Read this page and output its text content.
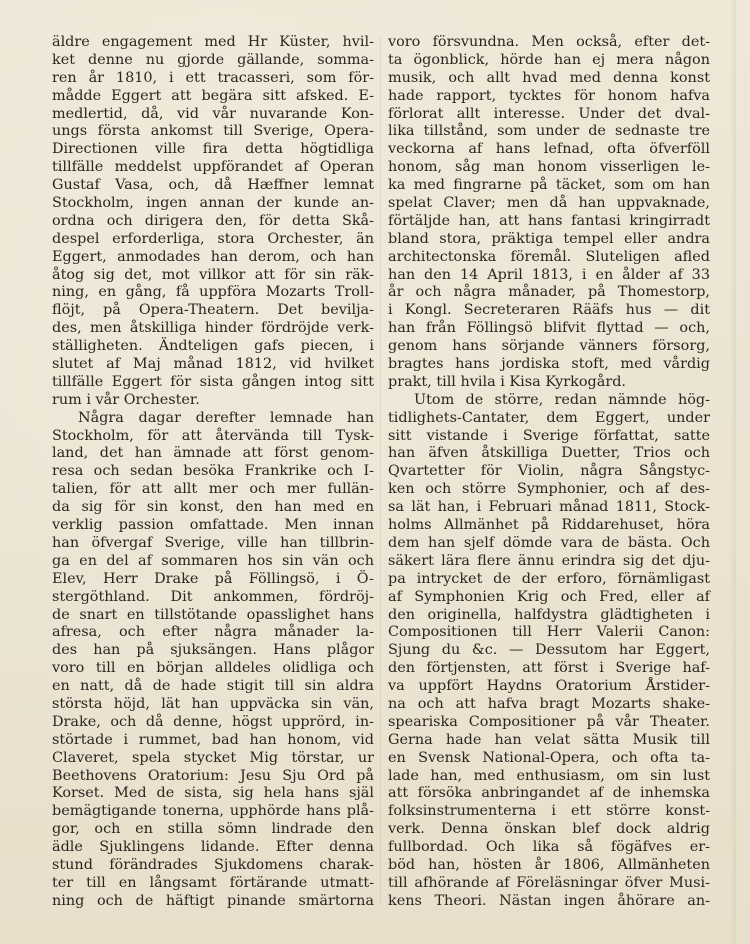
äldre engagement med Hr Küster, hvil-
ket denne nu gjorde gällande, somma-
ren år 1810, i ett tracasseri, som för-
mådde Eggert att begära sitt afsked. E-
medlertid, då, vid vår nuvarande Kon-
ungs första ankomst till Sverige, Opera-
Directionen ville fira detta högtidliga
tillfälle meddelst uppförandet af Operan
Gustaf Vasa, och, då Hæffner lemnat
Stockholm, ingen annan der kunde an-
ordna och dirigera den, för detta Skå-
despel erforderliga, stora Orchester, än
Eggert, anmodades han derom, och han
åtog sig det, mot villkor att för sin räk-
ning, en gång, få uppföra Mozarts Troll-
flöjt, på Opera-Theatern. Det bevilja-
des, men åtskilliga hinder fördröjde verk-
ställigheten. Ändteligen gafs piecen, i
slutet af Maj månad 1812, vid hvilket
tillfälle Eggert för sista gången intog sitt
rum i vår Orchester.
Några dagar derefter lemnade han
Stockholm, för att återvända till Tysk-
land, det han ämnade att först genom-
resa och sedan besöka Frankrike och I-
talien, för att allt mer och mer fullän-
da sig för sin konst, den han med en
verklig passion omfattade. Men innan
han öfvergaf Sverige, ville han tillbrin-
ga en del af sommaren hos sin vän och
Elev, Herr Drake på Föllingsö, i Ö-
stergöthland. Dit ankommen, fördröj-
de snart en tillstötande opasslighet hans
afresa, och efter några månader la-
des han på sjuksängen. Hans plågor
voro till en början alldeles olidliga och
en natt, då de hade stigit till sin aldra
största höjd, lät han uppväcka sin vän,
Drake, och då denne, högst upprörd, in-
störtade i rummet, bad han honom, vid
Claveret, spela stycket Mig törstar, ur
Beethovens Oratorium: Jesu Sju Ord på
Korset. Med de sista, sig hela hans själ
bemägtigande tonerna, upphörde hans plå-
gor, och en stilla sömn lindrade den
ädle Sjuklingens lidande. Efter denna
stund förändrades Sjukdomens charak-
ter till en långsamt förtärande utmatt-
ning och de häftigt pinande smärtorna
voro försvundna. Men också, efter det-
ta ögonblick, hörde han ej mera någon
musik, och allt hvad med denna konst
hade rapport, tycktes för honom hafva
förlorat allt interesse. Under det dval-
lika tillstånd, som under de sednaste tre
veckorna af hans lefnad, ofta öfverföll
honom, såg man honom visserligen le-
ka med fingrarne på täcket, som om han
spelat Claver; men då han uppvaknade,
förtäljde han, att hans fantasi kringirradt
bland stora, präktiga tempel eller andra
architectonska föremål. Sluteligen afled
han den 14 April 1813, i en ålder af 33
år och några månader, på Thomestorp,
i Kongl. Secreteraren Rääfs hus — dit
han från Föllingsö blifvit flyttad — och,
genom hans sörjande vänners försorg,
bragtes hans jordiska stoft, med vårdig
prakt, till hvila i Kisa Kyrkogård.
Utom de större, redan nämnde hög-
tidlighets-Cantater, dem Eggert, under
sitt vistande i Sverige författat, satte
han äfven åtskilliga Duetter, Trios och
Qvartetter för Violin, några Sångstyc-
ken och större Symphonier, och af des-
sa lät han, i Februari månad 1811, Stock-
holms Allmänhet på Riddarehuset, höra
dem han sjelf dömde vara de bästa. Och
säkert lära flere ännu erindra sig det dju-
pa intrycket de der erforo, förnämligast
af Symphonien Krig och Fred, eller af
den originella, halfdystra glädtigheten i
Compositionen till Herr Valerii Canon:
Sjung du &c. — Dessutom har Eggert,
den förtjensten, att först i Sverige haf-
va uppfört Haydns Oratorium Årstider-
na och att hafva bragt Mozarts shake-
speariska Compositioner på vår Theater.
Gerna hade han velat sätta Musik till
en Svensk National-Opera, och ofta ta-
lade han, med enthusiasm, om sin lust
att försöka anbringandet af de inhemska
folksinstrumenterna i ett större konst-
verk. Denna önskan blef dock aldrig
fullbordad. Och lika så fögäfves er-
böd han, hösten år 1806, Allmänheten
till afhörande af Föreläsningar öfver Musi-
kens Theori. Nästan ingen åhörare an-
